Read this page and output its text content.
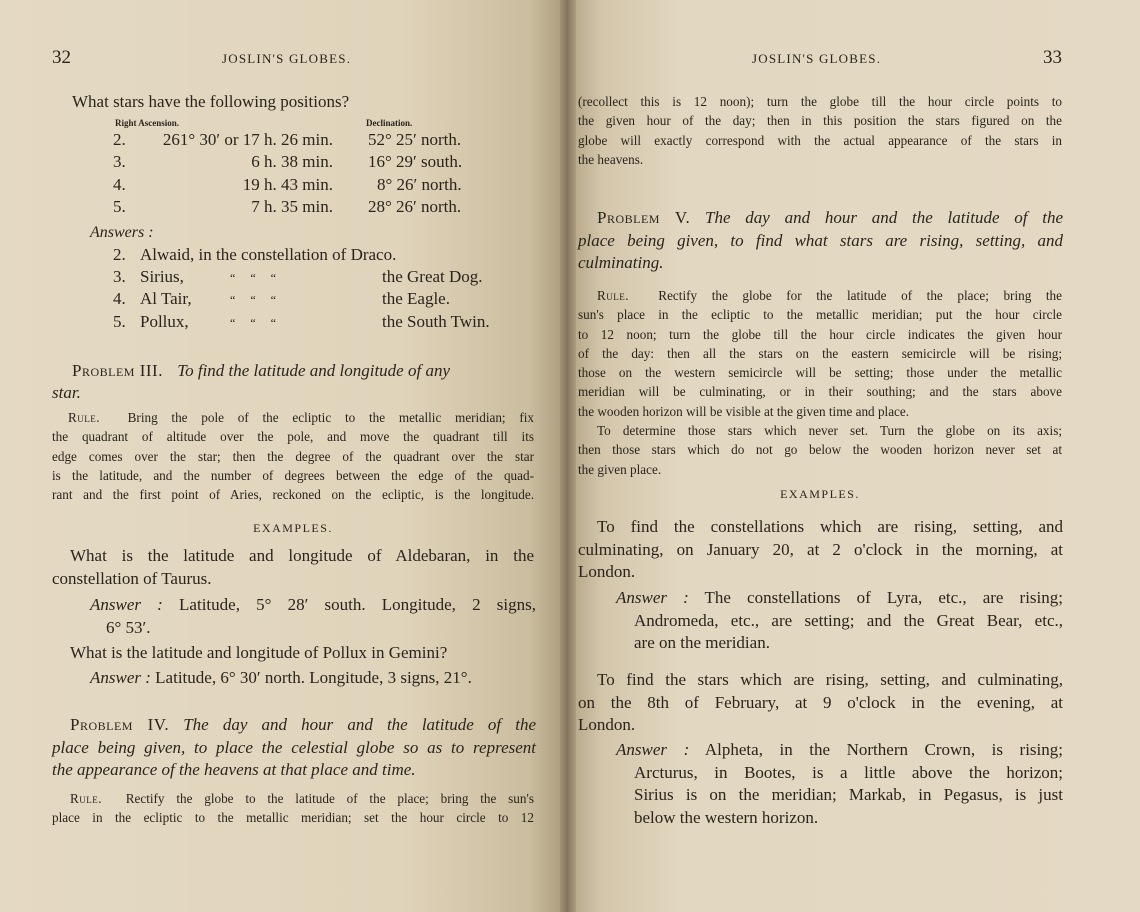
32	JOSLIN'S GLOBES.
What stars have the following positions?
Right Ascension.	Declination.
2.	261° 30′ or 17 h. 26 min. 52° 25′ north.
3.	6 h. 38 min. 16° 29′ south.
4.	19 h. 43 min.	8° 26′ north.
5.	7 h. 35 min. 28° 26′ north.
Answers :
2. Alwaid, in the constellation of Draco.
3. Sirius,	“     “     “	the Great Dog.
4. Al Tair,	“     “     “	the Eagle.
5. Pollux,	“     “     “	the South Twin.
Problem III. To find the latitude and longitude of any
star.
Rule. Bring the pole of the ecliptic to the metallic meridian; fix
the quadrant of altitude over the pole, and move the quadrant till its
edge comes over the star; then the degree of the quadrant over the star
is the latitude, and the number of degrees between the edge of the quad-
rant and the first point of Aries, reckoned on the ecliptic, is the longitude.
EXAMPLES.
What is the latitude and longitude of Aldebaran, in the
constellation of Taurus.
Answer : Latitude, 5° 28′ south. Longitude, 2 signs,
6° 53′.
What is the latitude and longitude of Pollux in Gemini?
Answer : Latitude, 6° 30′ north. Longitude, 3 signs, 21°.
Problem IV. The day and hour and the latitude of the
place being given, to place the celestial globe so as to represent
the appearance of the heavens at that place and time.
Rule. Rectify the globe to the latitude of the place; bring the sun's
place in the ecliptic to the metallic meridian; set the hour circle to 12
JOSLIN'S GLOBES.	33
(recollect this is 12 noon); turn the globe till the hour circle points to
the given hour of the day; then in this position the stars figured on the
globe will exactly correspond with the actual appearance of the stars in
the heavens.
Problem V. The day and hour and the latitude of the
place being given, to find what stars are rising, setting, and
culminating.
Rule. Rectify the globe for the latitude of the place; bring the
sun's place in the ecliptic to the metallic meridian; put the hour circle
to 12 noon; turn the globe till the hour circle indicates the given hour
of the day: then all the stars on the eastern semicircle will be rising;
those on the western semicircle will be setting; those under the metallic
meridian will be culminating, or in their southing; and the stars above
the wooden horizon will be visible at the given time and place.
To determine those stars which never set. Turn the globe on its axis;
then those stars which do not go below the wooden horizon never set at
the given place.
EXAMPLES.
To find the constellations which are rising, setting, and
culminating, on January 20, at 2 o'clock in the morning, at
London.
Answer : The constellations of Lyra, etc., are rising;
Andromeda, etc., are setting; and the Great Bear, etc.,
are on the meridian.
To find the stars which are rising, setting, and culminating,
on the 8th of February, at 9 o'clock in the evening, at
London.
Answer : Alpheta, in the Northern Crown, is rising;
Arcturus, in Bootes, is a little above the horizon;
Sirius is on the meridian; Markab, in Pegasus, is just
below the western horizon.
